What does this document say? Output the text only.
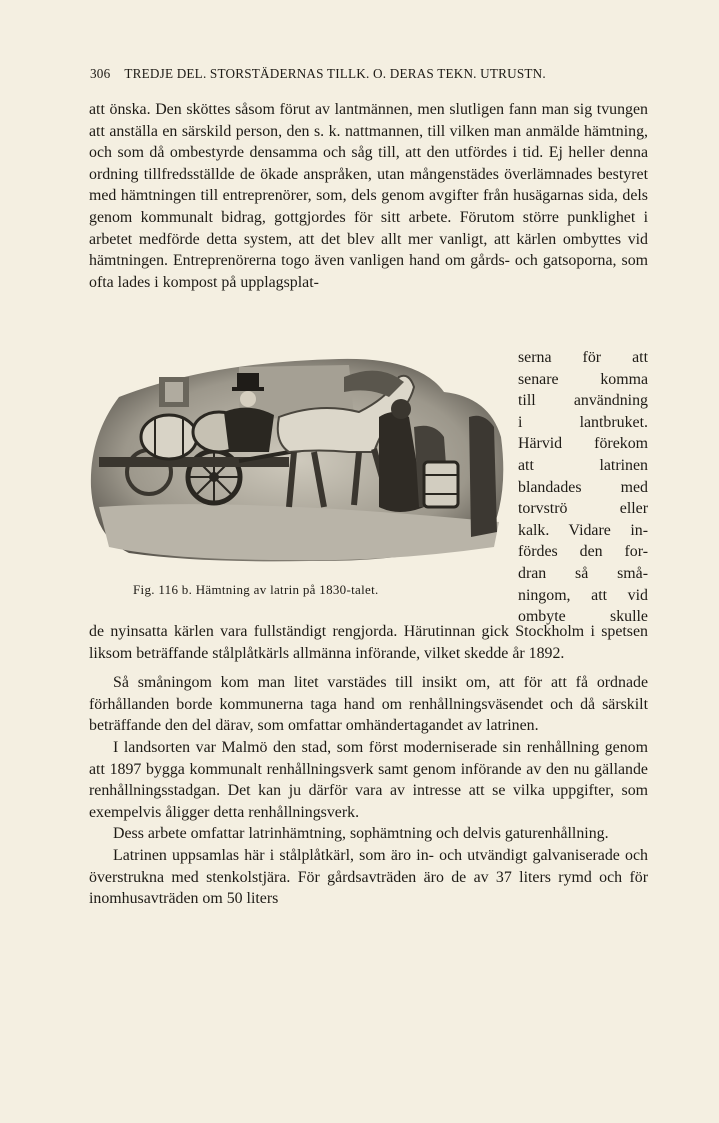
306 TREDJE DEL. STORSTÄDERNAS TILLK. O. DERAS TEKN. UTRUSTN.

att önska. Den sköttes såsom förut av lantmännen, men slutligen fann man sig tvungen att anställa en särskild person, den s. k. nattmannen, till vilken man anmälde hämtning, och som då ombestyrde densamma och såg till, att den utfördes i tid. Ej heller denna ordning tillfredsställde de ökade anspråken, utan mångenstädes överlämnades bestyret med hämtningen till entreprenörer, som, dels genom avgifter från husägarnas sida, dels genom kommunalt bidrag, gottgjordes för sitt arbete. Förutom större punklighet i arbetet medförde detta system, att det blev allt mer vanligt, att kärlen ombyttes vid hämtningen. Entreprenörerna togo även vanligen hand om gårds- och gatsoporna, som ofta lades i kompost på upplagsplat-

Fig. 116 b. Hämtning av latrin på 1830-talet.
serna för att
senare komma
till användning
i lantbruket.
Härvid förekom
att latrinen
blandades med
torvströ eller
kalk. Vidare in-
fördes den for-
dran så små-
ningom, att vid
ombyte skulle

de nyinsatta kärlen vara fullständigt rengjorda. Härutinnan gick Stockholm i spetsen liksom beträffande stålplåtkärls allmänna införande, vilket skedde år 1892.

Så småningom kom man litet varstädes till insikt om, att för att få ordnade förhållanden borde kommunerna taga hand om renhållningsväsendet och då särskilt beträffande den del därav, som omfattar omhändertagandet av latrinen.

I landsorten var Malmö den stad, som först moderniserade sin renhållning genom att 1897 bygga kommunalt renhållningsverk samt genom införande av den nu gällande renhållningsstadgan. Det kan ju därför vara av intresse att se vilka uppgifter, som exempelvis åligger detta renhållningsverk.

Dess arbete omfattar latrinhämtning, sophämtning och delvis gaturenhållning.

Latrinen uppsamlas här i stålplåtkärl, som äro in- och utvändigt galvaniserade och överstrukna med stenkolstjära. För gårdsavträden äro de av 37 liters rymd och för inomhusavträden om 50 liters
